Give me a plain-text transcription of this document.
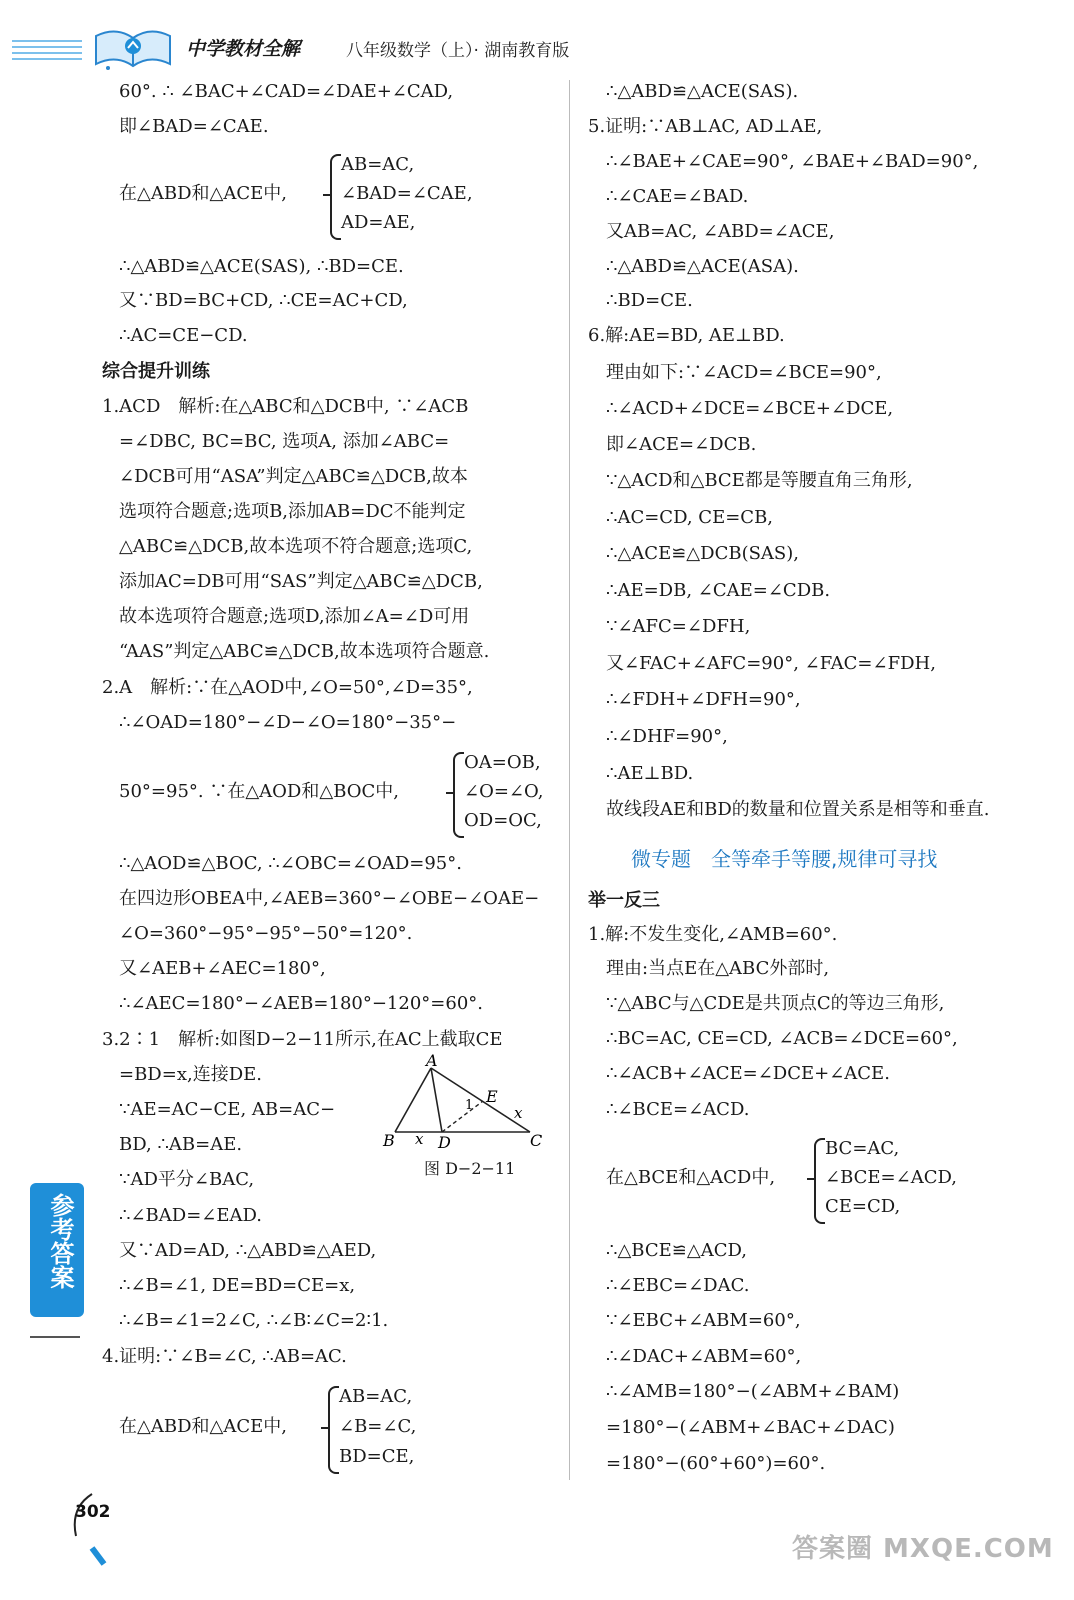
中学教材全解	八年级数学（上）· 湖南教育版
60°. ∴ ∠BAC+∠CAD=∠DAE+∠CAD,
即∠BAD=∠CAE.
在△ABD和△ACE中,
AB=AC,
∠BAD=∠CAE,
AD=AE,
∴△ABD≌△ACE(SAS), ∴BD=CE.
又∵BD=BC+CD, ∴CE=AC+CD,
∴AC=CE−CD.
综合提升训练
1.ACD　解析:在△ABC和△DCB中, ∵∠ACB
=∠DBC, BC=BC, 选项A, 添加∠ABC=
∠DCB可用“ASA”判定△ABC≌△DCB,故本
选项符合题意;选项B,添加AB=DC不能判定
△ABC≌△DCB,故本选项不符合题意;选项C,
添加AC=DB可用“SAS”判定△ABC≌△DCB,
故本选项符合题意;选项D,添加∠A=∠D可用
“AAS”判定△ABC≌△DCB,故本选项符合题意.
2.A　解析:∵在△AOD中,∠O=50°,∠D=35°,
∴∠OAD=180°−∠D−∠O=180°−35°−
50°=95°. ∵在△AOD和△BOC中,
OA=OB,
∠O=∠O,
OD=OC,
∴△AOD≌△BOC, ∴∠OBC=∠OAD=95°.
在四边形OBEA中,∠AEB=360°−∠OBE−∠OAE−
∠O=360°−95°−95°−50°=120°.
又∠AEB+∠AEC=180°,
∴∠AEC=180°−∠AEB=180°−120°=60°.
3.2∶1　解析:如图D−2−11所示,在AC上截取CE
=BD=x,连接DE.
∵AE=AC−CE, AB=AC−
BD, ∴AB=AE.
∵AD平分∠BAC,
∴∠BAD=∠EAD.
又∵AD=AD, ∴△ABD≌△AED,
∴∠B=∠1, DE=BD=CE=x,
∴∠B=∠1=2∠C, ∴∠B∶∠C=2∶1.
4.证明:∵∠B=∠C, ∴AB=AC.
在△ABD和△ACE中,
AB=AC,
∠B=∠C,
BD=CE,
A
B	C
D
E
1
x
x
图 D−2−11
∴△ABD≌△ACE(SAS).
5.证明:∵AB⊥AC, AD⊥AE,
∴∠BAE+∠CAE=90°, ∠BAE+∠BAD=90°,
∴∠CAE=∠BAD.
又AB=AC, ∠ABD=∠ACE,
∴△ABD≌△ACE(ASA).
∴BD=CE.
6.解:AE=BD, AE⊥BD.
理由如下:∵∠ACD=∠BCE=90°,
∴∠ACD+∠DCE=∠BCE+∠DCE,
即∠ACE=∠DCB.
∵△ACD和△BCE都是等腰直角三角形,
∴AC=CD, CE=CB,
∴△ACE≌△DCB(SAS),
∴AE=DB, ∠CAE=∠CDB.
∵∠AFC=∠DFH,
又∠FAC+∠AFC=90°, ∠FAC=∠FDH,
∴∠FDH+∠DFH=90°,
∴∠DHF=90°,
∴AE⊥BD.
故线段AE和BD的数量和位置关系是相等和垂直.
微专题　全等牵手等腰,规律可寻找
举一反三
1.解:不发生变化,∠AMB=60°.
理由:当点E在△ABC外部时,
∵△ABC与△CDE是共顶点C的等边三角形,
∴BC=AC, CE=CD, ∠ACB=∠DCE=60°,
∴∠ACB+∠ACE=∠DCE+∠ACE.
∴∠BCE=∠ACD.
在△BCE和△ACD中,
BC=AC,
∠BCE=∠ACD,
CE=CD,
∴△BCE≌△ACD,
∴∠EBC=∠DAC.
∵∠EBC+∠ABM=60°,
∴∠DAC+∠ABM=60°,
∴∠AMB=180°−(∠ABM+∠BAM)
=180°−(∠ABM+∠BAC+∠DAC)
=180°−(60°+60°)=60°.
参考答案
302
答案圈 MXQE.COM
